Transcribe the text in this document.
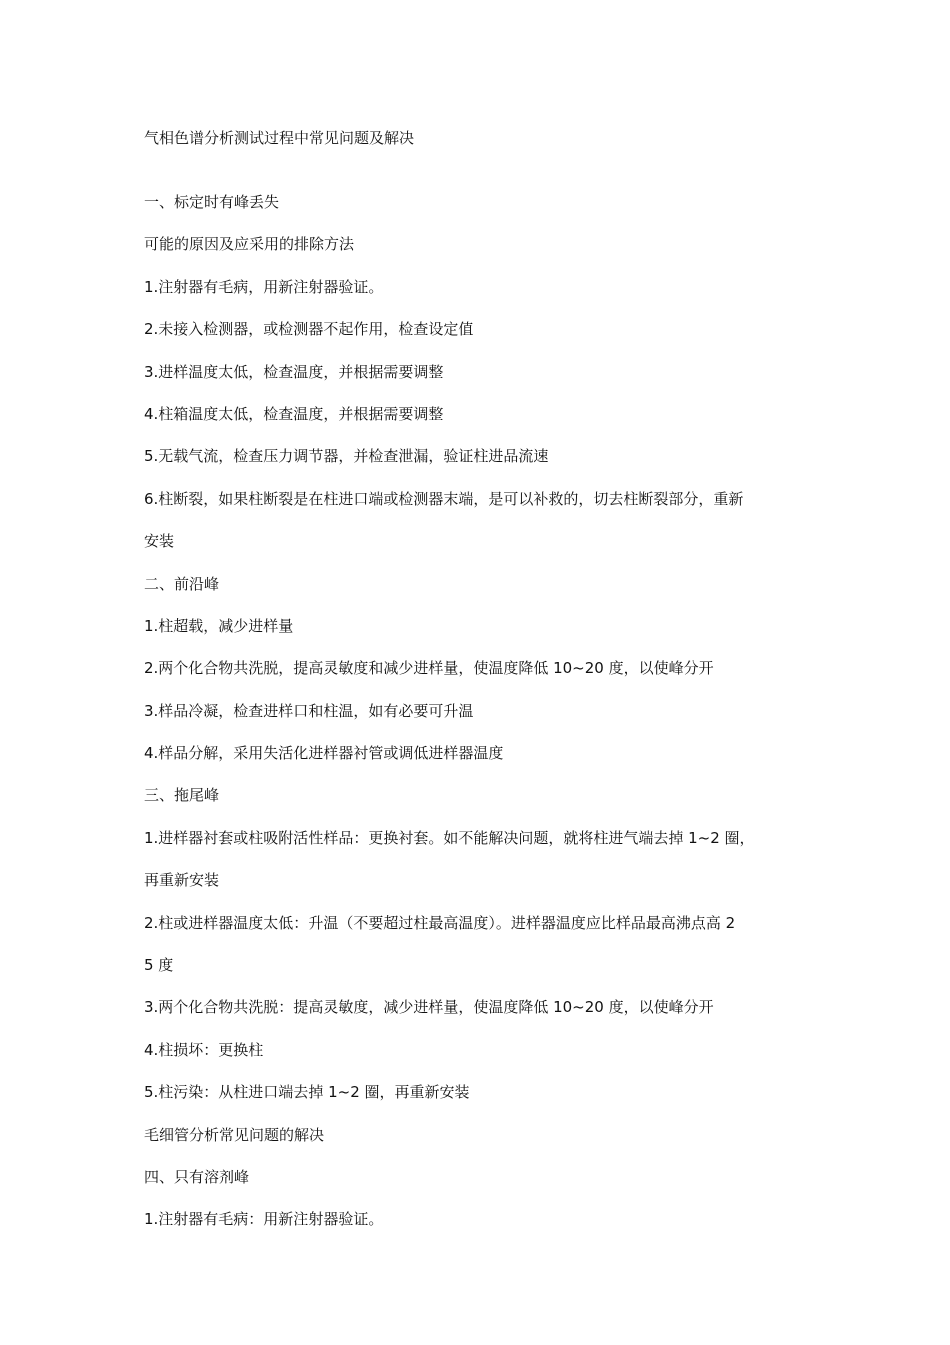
气相色谱分析测试过程中常见问题及解决

一、标定时有峰丢失

可能的原因及应采用的排除方法

1.注射器有毛病，用新注射器验证。

2.未接入检测器，或检测器不起作用，检查设定值

3.进样温度太低，检查温度，并根据需要调整

4.柱箱温度太低，检查温度，并根据需要调整

5.无载气流，检查压力调节器，并检查泄漏，验证柱进品流速

6.柱断裂，如果柱断裂是在柱进口端或检测器末端，是可以补救的，切去柱断裂部分，重新

安装

二、前沿峰

1.柱超载，减少进样量

2.两个化合物共洗脱，提高灵敏度和减少进样量，使温度降低 10~20 度，以使峰分开

3.样品冷凝，检查进样口和柱温，如有必要可升温

4.样品分解，采用失活化进样器衬管或调低进样器温度

三、拖尾峰

1.进样器衬套或柱吸附活性样品：更换衬套。如不能解决问题，就将柱进气端去掉 1~2 圈，

再重新安装

2.柱或进样器温度太低：升温（不要超过柱最高温度）。进样器温度应比样品最高沸点高 2

5 度

3.两个化合物共洗脱：提高灵敏度，减少进样量，使温度降低 10~20 度，以使峰分开

4.柱损坏：更换柱

5.柱污染：从柱进口端去掉 1~2 圈，再重新安装

毛细管分析常见问题的解决

四、只有溶剂峰

1.注射器有毛病：用新注射器验证。
